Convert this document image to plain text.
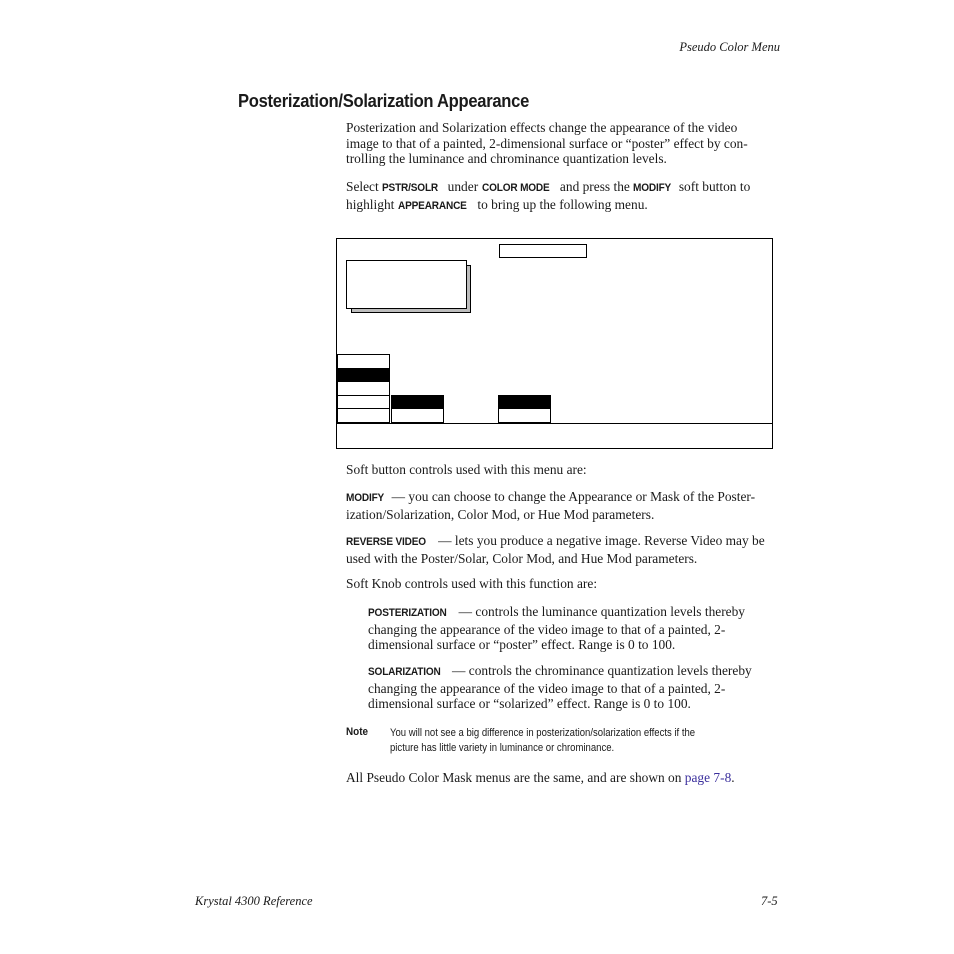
Pseudo Color Menu
Posterization/Solarization Appearance
Posterization and Solarization effects change the appearance of the video
image to that of a painted, 2-dimensional surface or “poster” effect by con-
trolling the luminance and chrominance quantization levels.
Select PSTR/SOLR under COLOR MODE and press the MODIFY soft button to
highlight APPEARANCE to bring up the following menu.
Soft button controls used with this menu are:
MODIFY — you can choose to change the Appearance or Mask of the Poster-
ization/Solarization, Color Mod, or Hue Mod parameters.
REVERSE VIDEO — lets you produce a negative image. Reverse Video may be
used with the Poster/Solar, Color Mod, and Hue Mod parameters.
Soft Knob controls used with this function are:
POSTERIZATION — controls the luminance quantization levels thereby
changing the appearance of the video image to that of a painted, 2-
dimensional surface or “poster” effect. Range is 0 to 100.
SOLARIZATION — controls the chrominance quantization levels thereby
changing the appearance of the video image to that of a painted, 2-
dimensional surface or “solarized” effect. Range is 0 to 100.
Note You will not see a big difference in posterization/solarization effects if the
picture has little variety in luminance or chrominance.
All Pseudo Color Mask menus are the same, and are shown on page 7-8.
Krystal 4300 Reference	7-5
